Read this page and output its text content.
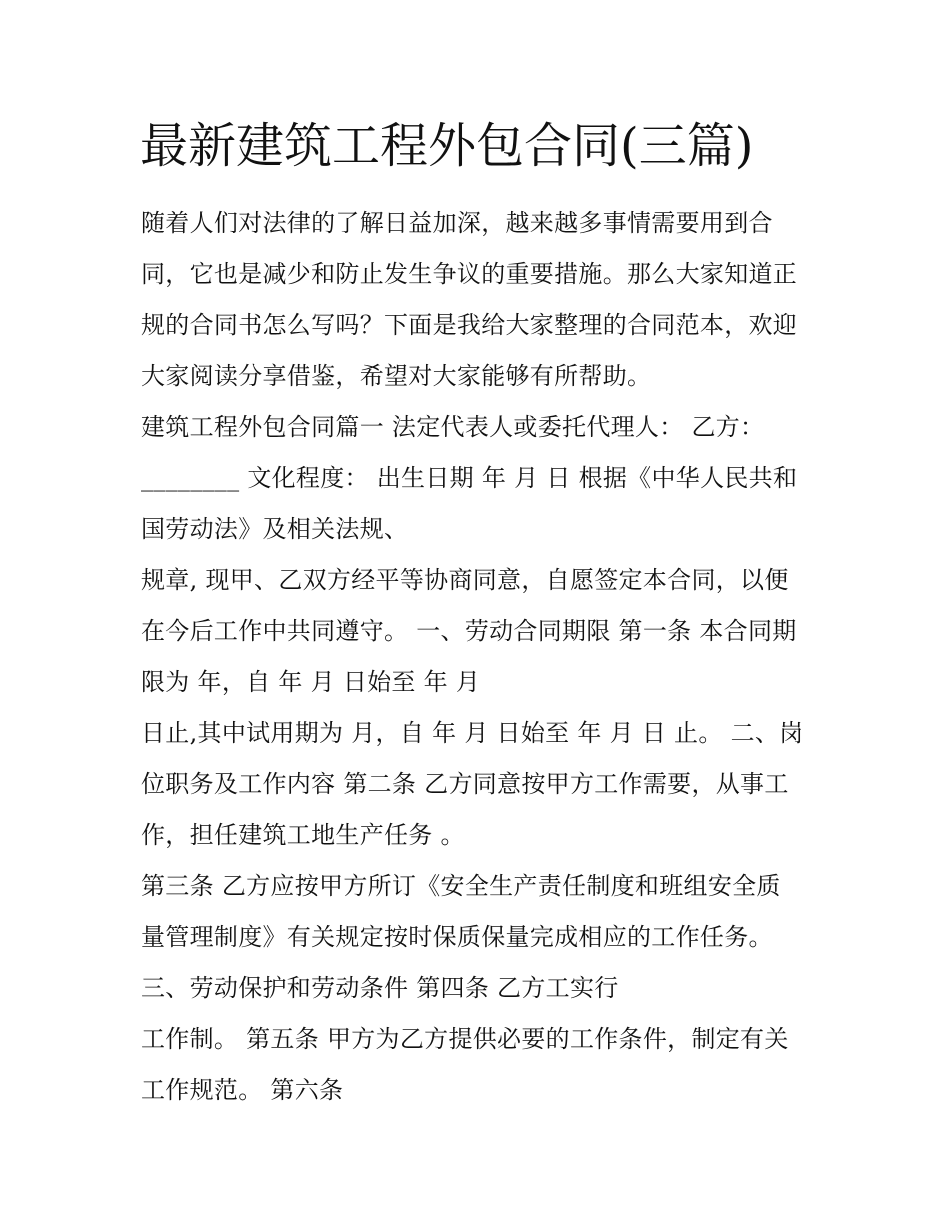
最新建筑工程外包合同(三篇)
随着人们对法律的了解日益加深，越来越多事情需要用到合
同，它也是减少和防止发生争议的重要措施。那么大家知道正
规的合同书怎么写吗？下面是我给大家整理的合同范本，欢迎
大家阅读分享借鉴，希望对大家能够有所帮助。
建筑工程外包合同篇一 法定代表人或委托代理人： 乙方：
________ 文化程度： 出生日期 年 月 日 根据《中华人民共和
国劳动法》及相关法规、
规章, 现甲、乙双方经平等协商同意，自愿签定本合同，以便
在今后工作中共同遵守。 一、劳动合同期限 第一条 本合同期
限为 年，自 年 月 日始至 年 月
日止,其中试用期为 月，自 年 月 日始至 年 月 日 止。 二、岗
位职务及工作内容 第二条 乙方同意按甲方工作需要，从事工
作，担任建筑工地生产任务 。
第三条 乙方应按甲方所订《安全生产责任制度和班组安全质
量管理制度》有关规定按时保质保量完成相应的工作任务。
三、劳动保护和劳动条件 第四条 乙方工实行
工作制。 第五条 甲方为乙方提供必要的工作条件，制定有关
工作规范。 第六条
